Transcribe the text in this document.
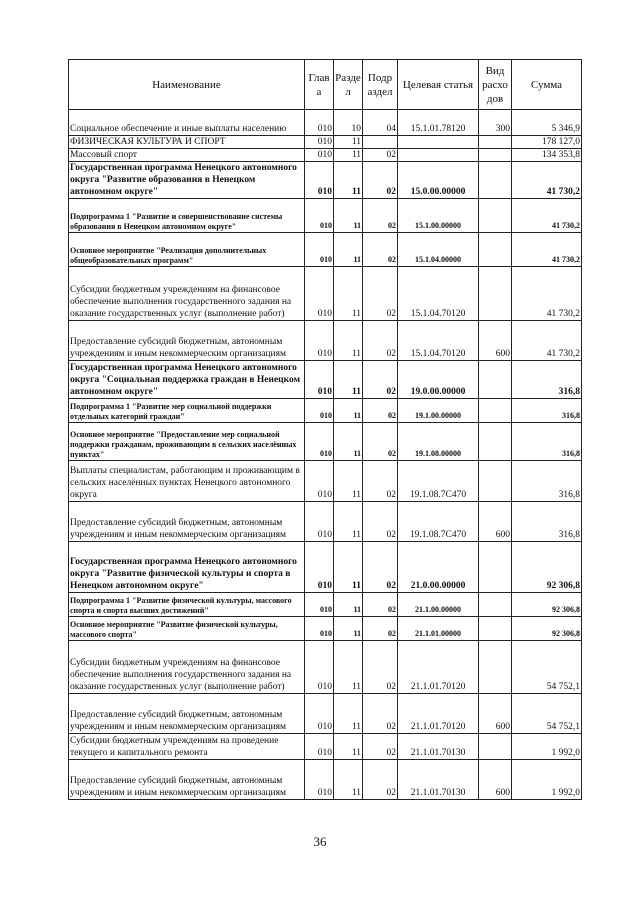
Наименование	Глав а	Разде л	Подр аздел	Целевая статья	Вид расхо дов	Сумма
Социальное обеспечение и иные выплаты населению	010	10	04	15.1.01.78120	300	5 346,9
ФИЗИЧЕСКАЯ КУЛЬТУРА И СПОРТ	010	11				178 127,0
Массовый спорт	010	11	02			134 353,8
Государственная программа Ненецкого автономного округа "Развитие образования в Ненецком автономном округе"	010	11	02	15.0.00.00000		41 730,2
Подпрограмма 1 "Развитие и совершенствование системы образования в Ненецком автономном округе"	010	11	02	15.1.00.00000		41 730,2
Основное мероприятие "Реализация дополнительных общеобразовательных программ"	010	11	02	15.1.04.00000		41 730,2
Субсидии бюджетным учреждениям на финансовое обеспечение выполнения государственного задания на оказание государственных услуг (выполнение работ)	010	11	02	15.1.04.70120		41 730,2
Предоставление субсидий бюджетным, автономным учреждениям и иным некоммерческим организациям	010	11	02	15.1.04.70120	600	41 730,2
Государственная программа Ненецкого автономного округа "Социальная поддержка граждан в Ненецком автономном округе"	010	11	02	19.0.00.00000		316,8
Подпрограмма 1 "Развитие мер социальной поддержки отдельных категорий граждан"	010	11	02	19.1.00.00000		316,8
Основное мероприятие "Предоставление мер социальной поддержки гражданам, проживающим в сельских населённых пунктах"	010	11	02	19.1.08.00000		316,8
Выплаты специалистам, работающим и проживающим в сельских населённых пунктах Ненецкого автономного округа	010	11	02	19.1.08.7C470		316,8
Предоставление субсидий бюджетным, автономным учреждениям и иным некоммерческим организациям	010	11	02	19.1.08.7C470	600	316,8
Государственная программа Ненецкого автономного округа "Развитие физической культуры и спорта в Ненецком автономном округе"	010	11	02	21.0.00.00000		92 306,8
Подпрограмма 1 "Развитие физической культуры, массового спорта и спорта высших достижений"	010	11	02	21.1.00.00000		92 306,8
Основное мероприятие "Развитие физической культуры, массового спорта"	010	11	02	21.1.01.00000		92 306,8
Субсидии бюджетным учреждениям на финансовое обеспечение выполнения государственного задания на оказание государственных услуг (выполнение работ)	010	11	02	21.1.01.70120		54 752,1
Предоставление субсидий бюджетным, автономным учреждениям и иным некоммерческим организациям	010	11	02	21.1.01.70120	600	54 752,1
Субсидии бюджетным учреждениям на проведение текущего и капитального ремонта	010	11	02	21.1.01.70130		1 992,0
Предоставление субсидий бюджетным, автономным учреждениям и иным некоммерческим организациям	010	11	02	21.1.01.70130	600	1 992,0
36
